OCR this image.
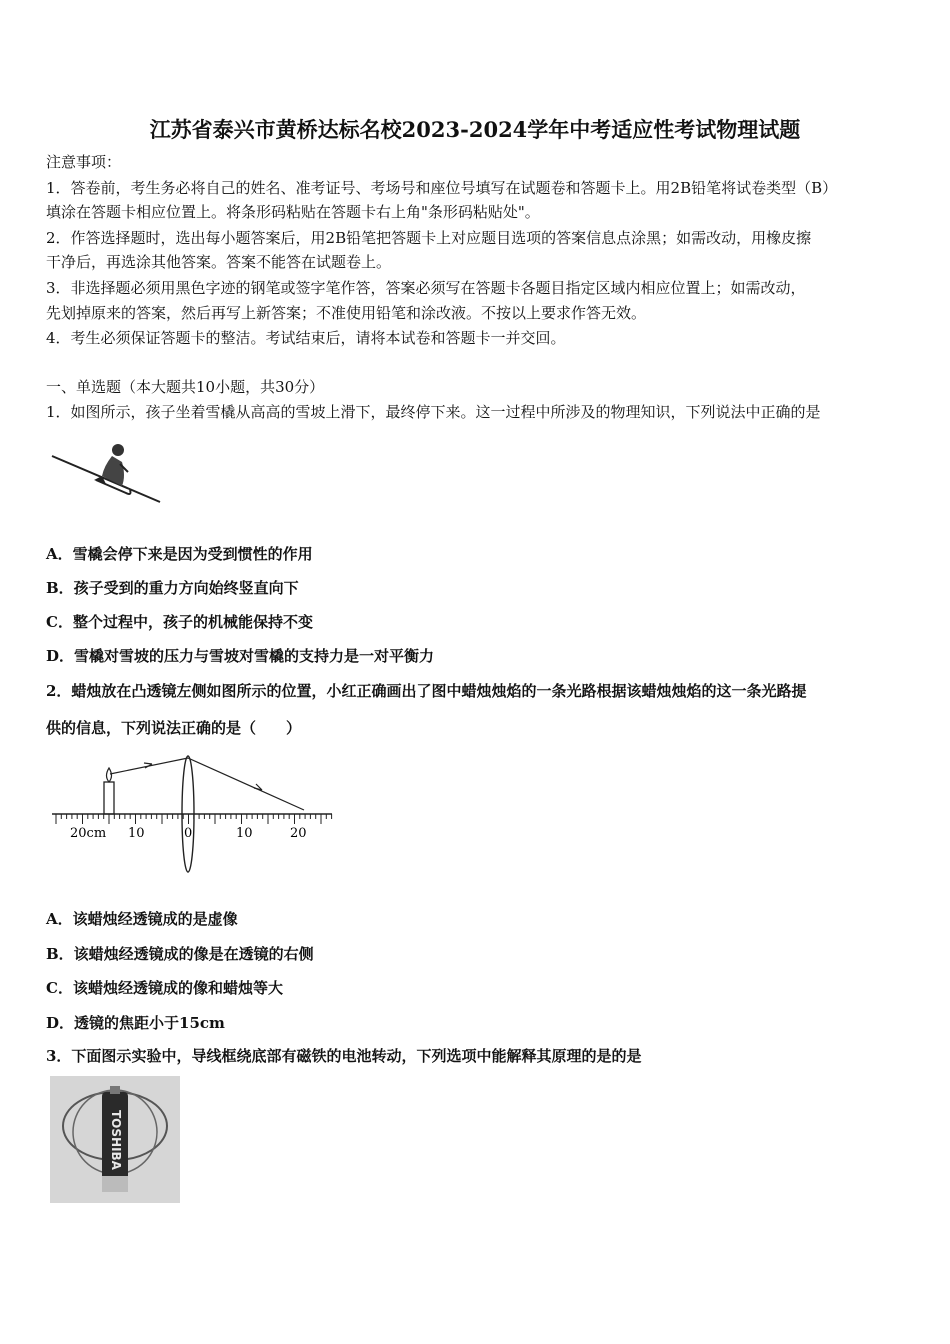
江苏省泰兴市黄桥达标名校2023-2024学年中考适应性考试物理试题
注意事项：
1．答卷前，考生务必将自己的姓名、准考证号、考场号和座位号填写在试题卷和答题卡上。用2B铅笔将试卷类型（B）
填涂在答题卡相应位置上。将条形码粘贴在答题卡右上角"条形码粘贴处"。
2．作答选择题时，选出每小题答案后，用2B铅笔把答题卡上对应题目选项的答案信息点涂黑；如需改动，用橡皮擦
干净后，再选涂其他答案。答案不能答在试题卷上。
3．非选择题必须用黑色字迹的钢笔或签字笔作答，答案必须写在答题卡各题目指定区域内相应位置上；如需改动，
先划掉原来的答案，然后再写上新答案；不准使用铅笔和涂改液。不按以上要求作答无效。
4．考生必须保证答题卡的整洁。考试结束后，请将本试卷和答题卡一并交回。
一、单选题（本大题共10小题，共30分）
1．如图所示，孩子坐着雪橇从高高的雪坡上滑下，最终停下来。这一过程中所涉及的物理知识，下列说法中正确的是
A．雪橇会停下来是因为受到惯性的作用
B．孩子受到的重力方向始终竖直向下
C．整个过程中，孩子的机械能保持不变
D．雪橇对雪坡的压力与雪坡对雪橇的支持力是一对平衡力
2．蜡烛放在凸透镜左侧如图所示的位置，小红正确画出了图中蜡烛烛焰的一条光路根据该蜡烛烛焰的这一条光路提
供的信息，下列说法正确的是（　　）
20cm 10	0	10	20
A．该蜡烛经透镜成的是虚像
B．该蜡烛经透镜成的像是在透镜的右侧
C．该蜡烛经透镜成的像和蜡烛等大
D．透镜的焦距小于15cm
3．下面图示实验中，导线框绕底部有磁铁的电池转动，下列选项中能解释其原理的是的是
TOSHIBA
